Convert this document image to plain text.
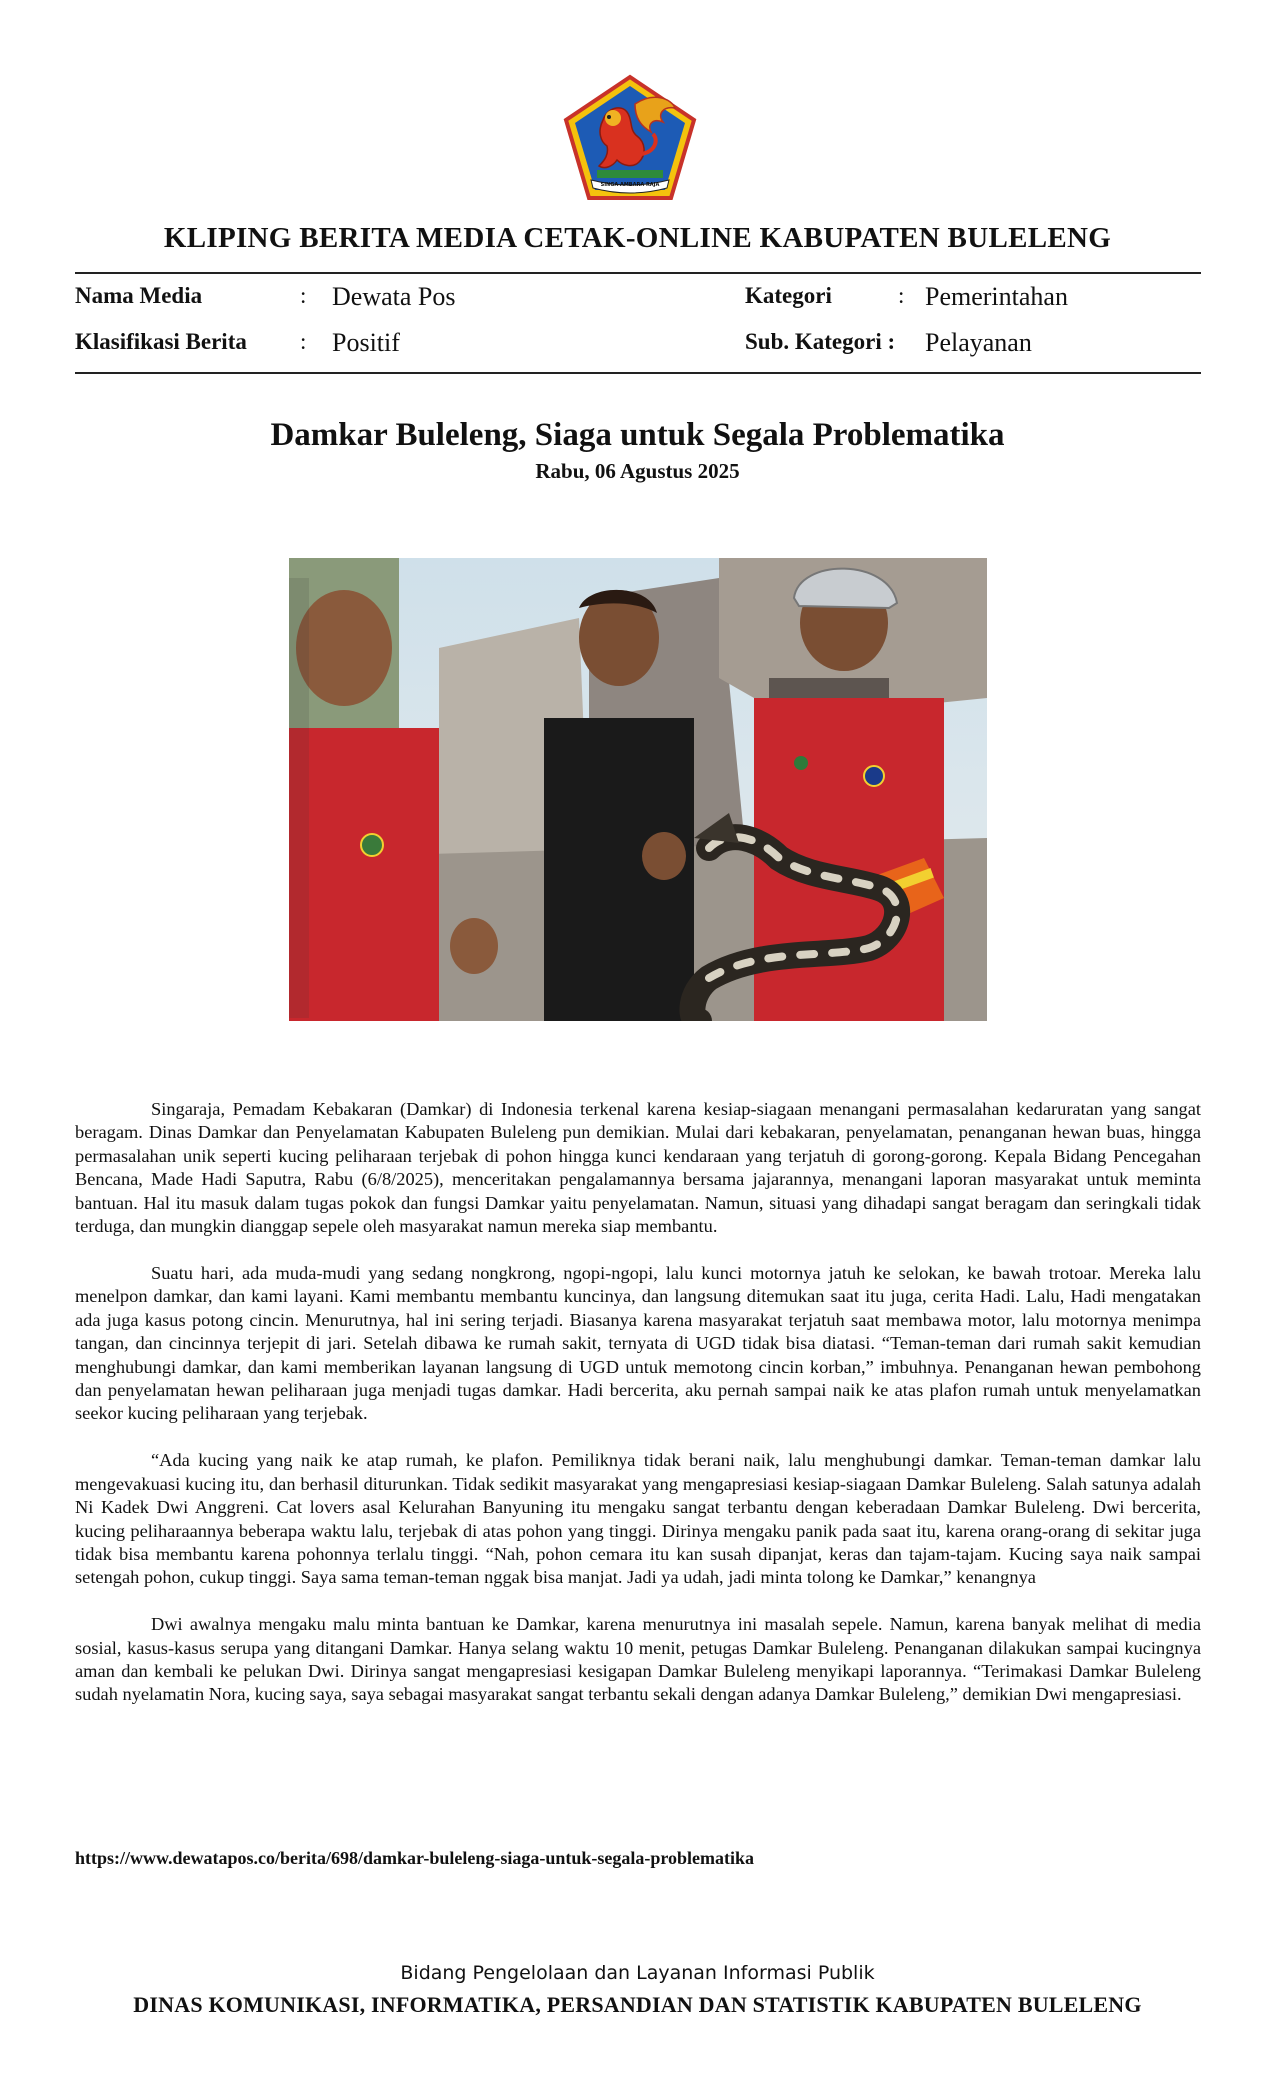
SINGA AMBARA RAJA
KLIPING BERITA MEDIA CETAK-ONLINE KABUPATEN BULELENG
Nama Media	: Dewata Pos	Kategori	: Pemerintahan
Klasifikasi Berita : Positif	Sub. Kategori : Pelayanan
Damkar Buleleng, Siaga untuk Segala Problematika
Rabu, 06 Agustus 2025

Singaraja, Pemadam Kebakaran (Damkar) di Indonesia terkenal karena kesiap-siagaan menangani permasalahan kedaruratan yang sangat beragam. Dinas Damkar dan Penyelamatan Kabupaten Buleleng pun demikian. Mulai dari kebakaran, penyelamatan, penanganan hewan buas, hingga permasalahan unik seperti kucing peliharaan terjebak di pohon hingga kunci kendaraan yang terjatuh di gorong-gorong. Kepala Bidang Pencegahan Bencana, Made Hadi Saputra, Rabu (6/8/2025), menceritakan pengalamannya bersama jajarannya, menangani laporan masyarakat untuk meminta bantuan. Hal itu masuk dalam tugas pokok dan fungsi Damkar yaitu penyelamatan. Namun, situasi yang dihadapi sangat beragam dan seringkali tidak terduga, dan mungkin dianggap sepele oleh masyarakat namun mereka siap membantu.

Suatu hari, ada muda-mudi yang sedang nongkrong, ngopi-ngopi, lalu kunci motornya jatuh ke selokan, ke bawah trotoar. Mereka lalu menelpon damkar, dan kami layani. Kami membantu membantu kuncinya, dan langsung ditemukan saat itu juga, cerita Hadi. Lalu, Hadi mengatakan ada juga kasus potong cincin. Menurutnya, hal ini sering terjadi. Biasanya karena masyarakat terjatuh saat membawa motor, lalu motornya menimpa tangan, dan cincinnya terjepit di jari. Setelah dibawa ke rumah sakit, ternyata di UGD tidak bisa diatasi. “Teman-teman dari rumah sakit kemudian menghubungi damkar, dan kami memberikan layanan langsung di UGD untuk memotong cincin korban,” imbuhnya. Penanganan hewan pembohong dan penyelamatan hewan peliharaan juga menjadi tugas damkar. Hadi bercerita, aku pernah sampai naik ke atas plafon rumah untuk menyelamatkan seekor kucing peliharaan yang terjebak.

“Ada kucing yang naik ke atap rumah, ke plafon. Pemiliknya tidak berani naik, lalu menghubungi damkar. Teman-teman damkar lalu mengevakuasi kucing itu, dan berhasil diturunkan. Tidak sedikit masyarakat yang mengapresiasi kesiap-siagaan Damkar Buleleng. Salah satunya adalah Ni Kadek Dwi Anggreni. Cat lovers asal Kelurahan Banyuning itu mengaku sangat terbantu dengan keberadaan Damkar Buleleng. Dwi bercerita, kucing peliharaannya beberapa waktu lalu, terjebak di atas pohon yang tinggi. Dirinya mengaku panik pada saat itu, karena orang-orang di sekitar juga tidak bisa membantu karena pohonnya terlalu tinggi. “Nah, pohon cemara itu kan susah dipanjat, keras dan tajam-tajam. Kucing saya naik sampai setengah pohon, cukup tinggi. Saya sama teman-teman nggak bisa manjat. Jadi ya udah, jadi minta tolong ke Damkar,” kenangnya

Dwi awalnya mengaku malu minta bantuan ke Damkar, karena menurutnya ini masalah sepele. Namun, karena banyak melihat di media sosial, kasus-kasus serupa yang ditangani Damkar. Hanya selang waktu 10 menit, petugas Damkar Buleleng. Penanganan dilakukan sampai kucingnya aman dan kembali ke pelukan Dwi. Dirinya sangat mengapresiasi kesigapan Damkar Buleleng menyikapi laporannya. “Terimakasi Damkar Buleleng sudah nyelamatin Nora, kucing saya, saya sebagai masyarakat sangat terbantu sekali dengan adanya Damkar Buleleng,” demikian Dwi mengapresiasi.

https://www.dewatapos.co/berita/698/damkar-buleleng-siaga-untuk-segala-problematika
Bidang Pengelolaan dan Layanan Informasi Publik
DINAS KOMUNIKASI, INFORMATIKA, PERSANDIAN DAN STATISTIK KABUPATEN BULELENG
